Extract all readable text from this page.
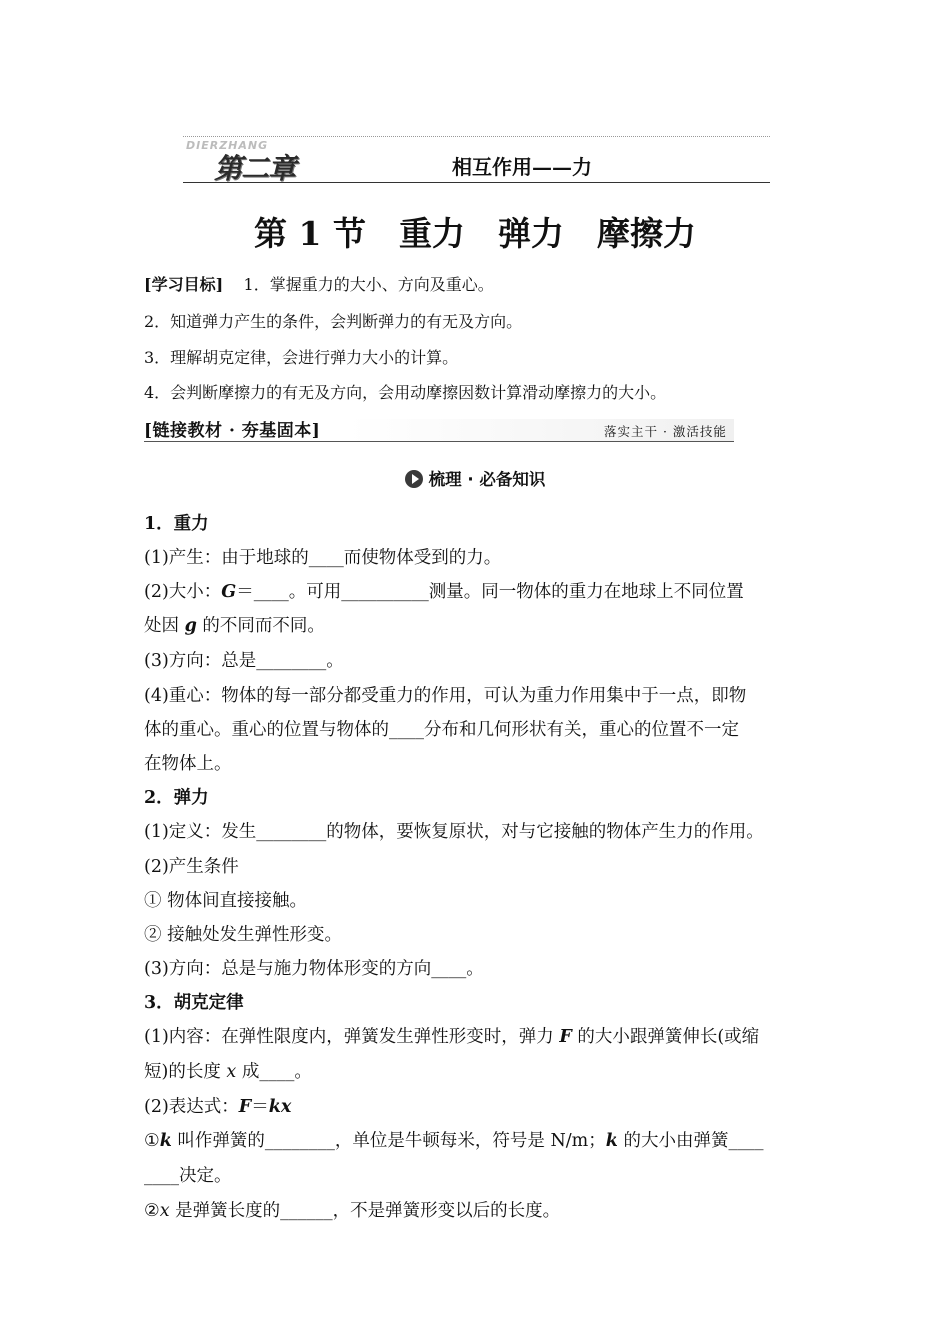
DIERZHANG
第二章	相互作用——力
第 1 节　重力　弹力　摩擦力
[学习目标] 1．掌握重力的大小、方向及重心。
2．知道弹力产生的条件，会判断弹力的有无及方向。
3．理解胡克定律，会进行弹力大小的计算。
4．会判断摩擦力的有无及方向，会用动摩擦因数计算滑动摩擦力的大小。
[链接教材 · 夯基固本]	落实主干 · 激活技能
梳理 · 必备知识
1．重力
(1)产生：由于地球的____而使物体受到的力。
(2)大小：G＝____。可用__________测量。同一物体的重力在地球上不同位置
处因 g 的不同而不同。
(3)方向：总是________。
(4)重心：物体的每一部分都受重力的作用，可认为重力作用集中于一点，即物
体的重心。重心的位置与物体的____分布和几何形状有关，重心的位置不一定
在物体上。
2．弹力
(1)定义：发生________的物体，要恢复原状，对与它接触的物体产生力的作用。
(2)产生条件
① 物体间直接接触。
② 接触处发生弹性形变。
(3)方向：总是与施力物体形变的方向____。
3．胡克定律
(1)内容：在弹性限度内，弹簧发生弹性形变时，弹力 F 的大小跟弹簧伸长(或缩
短)的长度 x 成____。
(2)表达式：F＝kx
①k 叫作弹簧的________，单位是牛顿每米，符号是 N/m；k 的大小由弹簧____
____决定。
②x 是弹簧长度的______，不是弹簧形变以后的长度。
